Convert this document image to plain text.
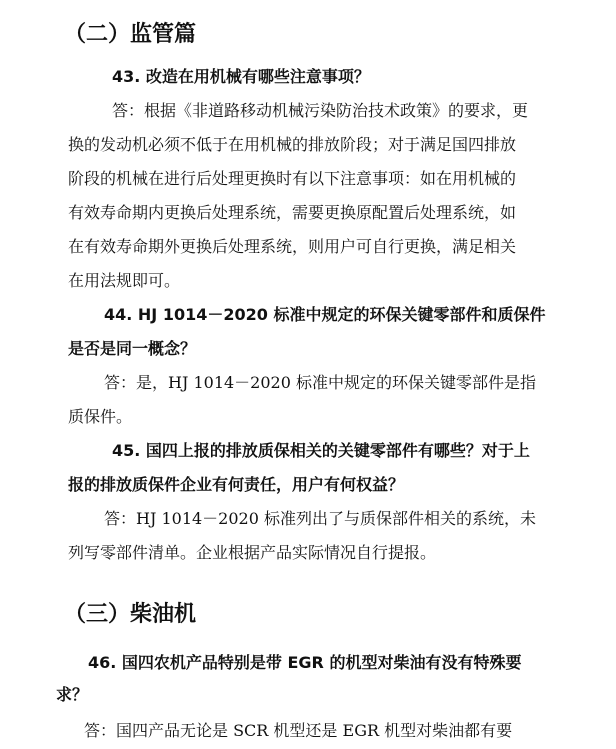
（二）监管篇
43. 改造在用机械有哪些注意事项？
答：根据《非道路移动机械污染防治技术政策》的要求，更
换的发动机必须不低于在用机械的排放阶段；对于满足国四排放
阶段的机械在进行后处理更换时有以下注意事项：如在用机械的
有效寿命期内更换后处理系统，需要更换原配置后处理系统，如
在有效寿命期外更换后处理系统，则用户可自行更换，满足相关
在用法规即可。
44. HJ 1014－2020 标准中规定的环保关键零部件和质保件
是否是同一概念？
答：是，HJ 1014－2020 标准中规定的环保关键零部件是指
质保件。
45. 国四上报的排放质保相关的关键零部件有哪些？对于上
报的排放质保件企业有何责任，用户有何权益？
答：HJ 1014－2020 标准列出了与质保部件相关的系统，未
列写零部件清单。企业根据产品实际情况自行提报。
（三）柴油机
46. 国四农机产品特别是带 EGR 的机型对柴油有没有特殊要
求？
答：国四产品无论是 SCR 机型还是 EGR 机型对柴油都有要
